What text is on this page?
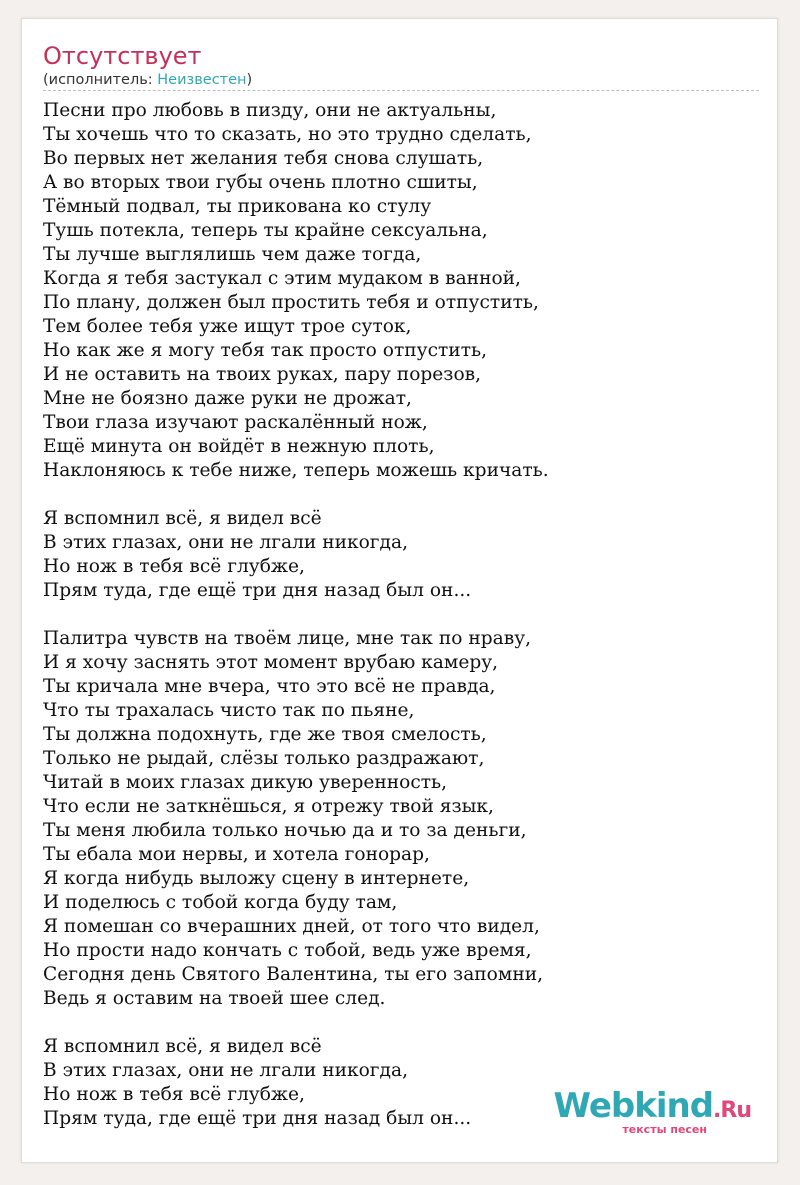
Отсутствует
(исполнитель: Неизвестен)
Песни про любовь в пизду, они не актуальны,
Ты хочешь что то сказать, но это трудно сделать,
Во первых нет желания тебя снова слушать,
А во вторых твои губы очень плотно сшиты,
Тёмный подвал, ты прикована ко стулу
Тушь потекла, теперь ты крайне сексуальна,
Ты лучше выглялишь чем даже тогда,
Когда я тебя застукал с этим мудаком в ванной,
По плану, должен был простить тебя и отпустить,
Тем более тебя уже ищут трое суток,
Но как же я могу тебя так просто отпустить,
И не оставить на твоих руках, пару порезов,
Мне не боязно даже руки не дрожат,
Твои глаза изучают раскалённый нож,
Ещё минута он войдёт в нежную плоть,
Наклоняюсь к тебе ниже, теперь можешь кричать.
Я вспомнил всё, я видел всё
В этих глазах, они не лгали никогда,
Но нож в тебя всё глубже,
Прям туда, где ещё три дня назад был он...
Палитра чувств на твоём лице, мне так по нраву,
И я хочу заснять этот момент врубаю камеру,
Ты кричала мне вчера, что это всё не правда,
Что ты трахалась чисто так по пьяне,
Ты должна подохнуть, где же твоя смелость,
Только не рыдай, слёзы только раздражают,
Читай в моих глазах дикую уверенность,
Что если не заткнёшься, я отрежу твой язык,
Ты меня любила только ночью да и то за деньги,
Ты ебала мои нервы, и хотела гонорар,
Я когда нибудь выложу сцену в интернете,
И поделюсь с тобой когда буду там,
Я помешан со вчерашних дней, от того что видел,
Но прости надо кончать с тобой, ведь уже время,
Сегодня день Святого Валентина, ты его запомни,
Ведь я оставим на твоей шее след.
Я вспомнил всё, я видел всё
В этих глазах, они не лгали никогда,
Но нож в тебя всё глубже,
Прям туда, где ещё три дня назад был он...	Webkind.Ru
тексты песен
